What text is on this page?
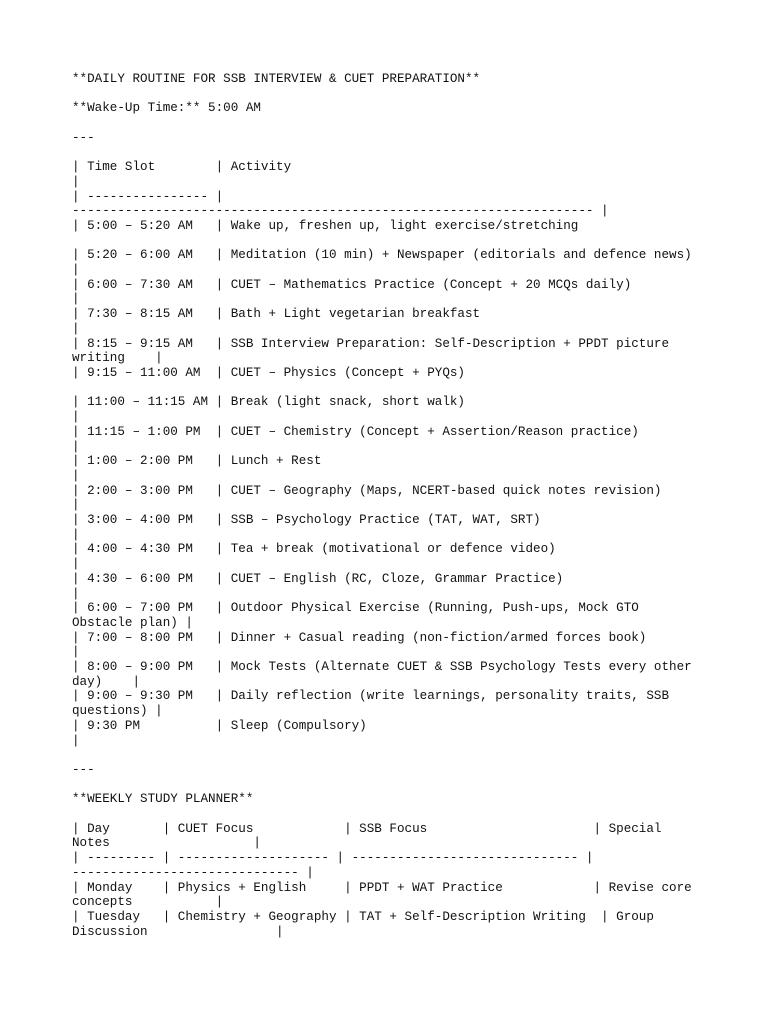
**DAILY ROUTINE FOR SSB INTERVIEW & CUET PREPARATION**
**Wake-Up Time:** 5:00 AM
---
| Time Slot        | Activity
|
| ---------------- |
--------------------------------------------------------------------- |
| 5:00 – 5:20 AM   | Wake up, freshen up, light exercise/stretching
| 5:20 – 6:00 AM   | Meditation (10 min) + Newspaper (editorials and defence news)
|
| 6:00 – 7:30 AM   | CUET – Mathematics Practice (Concept + 20 MCQs daily)
|
| 7:30 – 8:15 AM   | Bath + Light vegetarian breakfast
|
| 8:15 – 9:15 AM   | SSB Interview Preparation: Self-Description + PPDT picture
writing    |
| 9:15 – 11:00 AM  | CUET – Physics (Concept + PYQs)
| 11:00 – 11:15 AM | Break (light snack, short walk)
|
| 11:15 – 1:00 PM  | CUET – Chemistry (Concept + Assertion/Reason practice)
|
| 1:00 – 2:00 PM   | Lunch + Rest
|
| 2:00 – 3:00 PM   | CUET – Geography (Maps, NCERT-based quick notes revision)
|
| 3:00 – 4:00 PM   | SSB – Psychology Practice (TAT, WAT, SRT)
|
| 4:00 – 4:30 PM   | Tea + break (motivational or defence video)
|
| 4:30 – 6:00 PM   | CUET – English (RC, Cloze, Grammar Practice)
|
| 6:00 – 7:00 PM   | Outdoor Physical Exercise (Running, Push-ups, Mock GTO
Obstacle plan) |
| 7:00 – 8:00 PM   | Dinner + Casual reading (non-fiction/armed forces book)
|
| 8:00 – 9:00 PM   | Mock Tests (Alternate CUET & SSB Psychology Tests every other
day)    |
| 9:00 – 9:30 PM   | Daily reflection (write learnings, personality traits, SSB
questions) |
| 9:30 PM          | Sleep (Compulsory)
|
---
**WEEKLY STUDY PLANNER**
| Day       | CUET Focus            | SSB Focus                      | Special
Notes                   |
| --------- | -------------------- | ------------------------------ |
------------------------------ |
| Monday    | Physics + English     | PPDT + WAT Practice            | Revise core
concepts           |
| Tuesday   | Chemistry + Geography | TAT + Self-Description Writing  | Group
Discussion                 |
